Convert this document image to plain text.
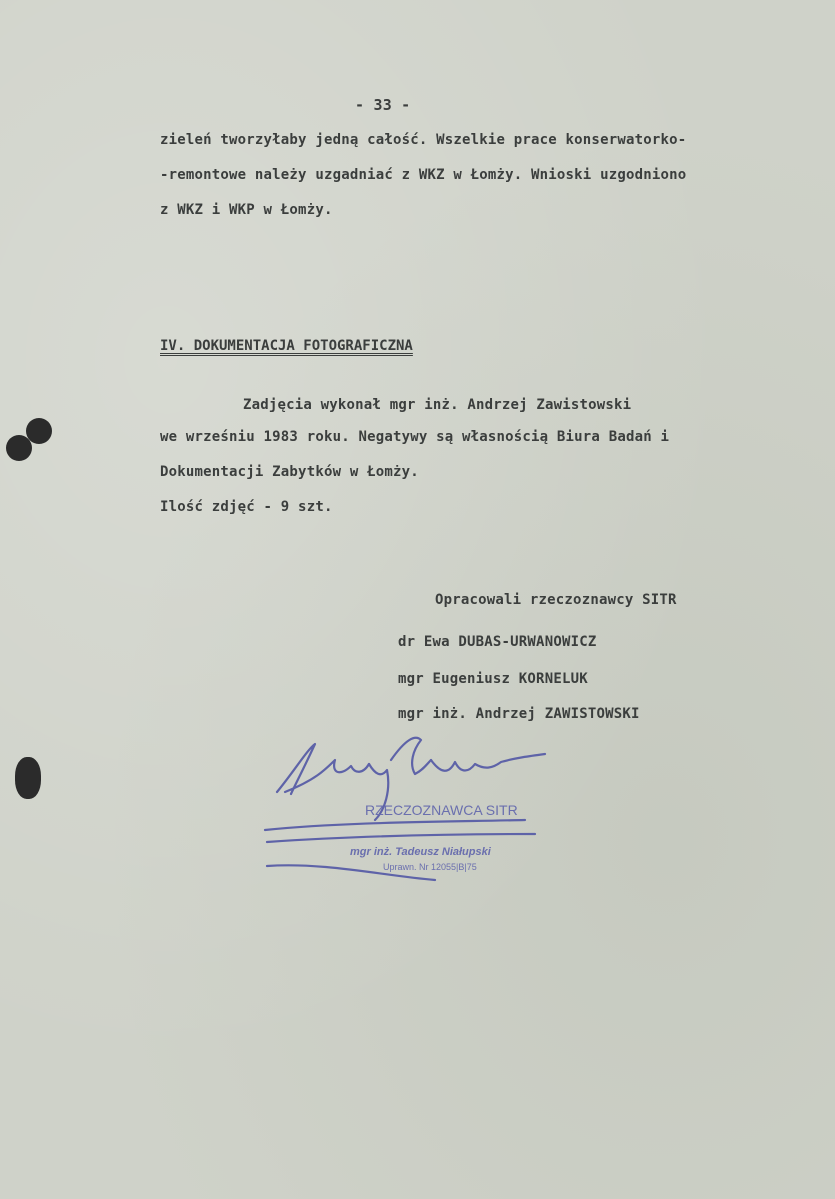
- 33 -
zieleń tworzyłaby jedną całość. Wszelkie prace konserwatorko-
-remontowe należy uzgadniać z WKZ w Łomży. Wnioski uzgodniono
z WKZ i WKP w Łomży.
IV. DOKUMENTACJA FOTOGRAFICZNA
Zadjęcia wykonał mgr inż. Andrzej Zawistowski
we wrześniu 1983 roku. Negatywy są własnością Biura Badań i
Dokumentacji Zabytków w Łomży.
Ilość zdjęć - 9 szt.
Opracowali rzeczoznawcy SITR
dr Ewa DUBAS-URWANOWICZ
mgr Eugeniusz KORNELUK
mgr inż. Andrzej ZAWISTOWSKI
RZECZOZNAWCA SITR
mgr inż. Tadeusz Niałupski
Uprawn. Nr 12055|B|75
